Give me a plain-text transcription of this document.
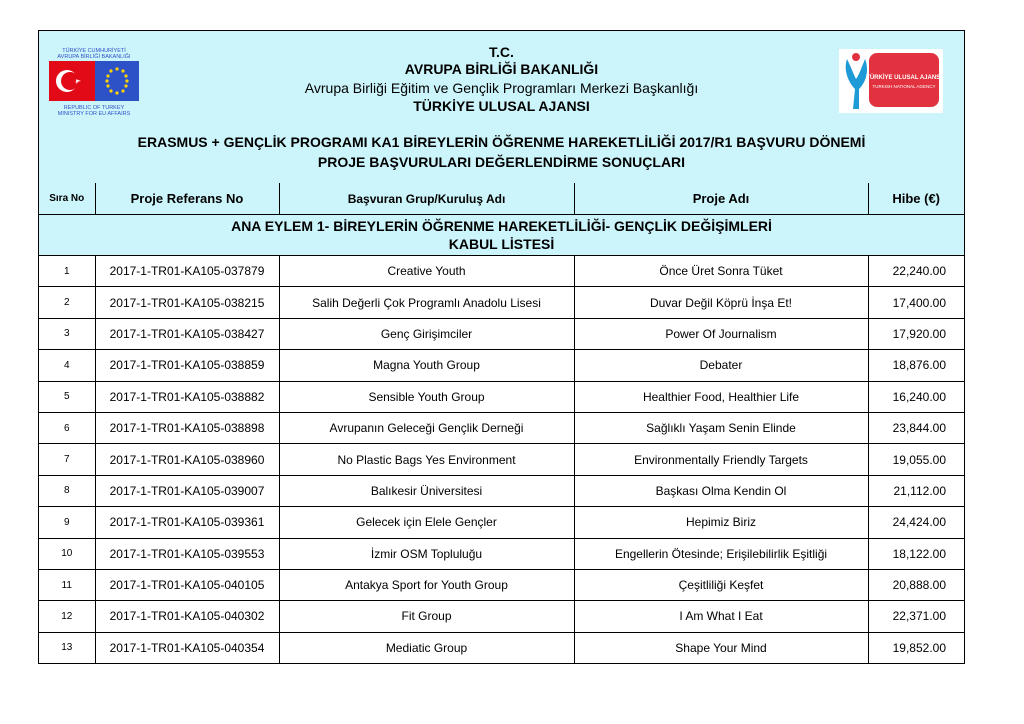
TÜRKİYE CUMHURİYETİ
AVRUPA BİRLİĞİ BAKANLIĞI
REPUBLIC OF TURKEY
MINISTRY FOR EU AFFAIRS
TÜRKİYE ULUSAL AJANSI
TURKISH NATIONAL AGENCY
T.C.
AVRUPA BİRLİĞİ BAKANLIĞI
Avrupa Birliği Eğitim ve Gençlik Programları Merkezi Başkanlığı
TÜRKİYE ULUSAL AJANSI
ERASMUS + GENÇLİK PROGRAMI KA1 BİREYLERİN ÖĞRENME HAREKETLİLİĞİ 2017/R1 BAŞVURU DÖNEMİ
PROJE BAŞVURULARI DEĞERLENDİRME SONUÇLARI
Sıra No	Proje Referans No	Başvuran Grup/Kuruluş Adı	Proje Adı	Hibe (€)

ANA EYLEM 1- BİREYLERİN ÖĞRENME HAREKETLİLİĞİ- GENÇLİK DEĞİŞİMLERİ
KABUL LİSTESİ				

1	2017-1-TR01-KA105-037879	Creative Youth	Önce Üret Sonra Tüket	22,240.00
2	2017-1-TR01-KA105-038215	Salih Değerli Çok Programlı Anadolu Lisesi	Duvar Değil Köprü İnşa Et!	17,400.00
3	2017-1-TR01-KA105-038427	Genç Girişimciler	Power Of Journalism	17,920.00
4	2017-1-TR01-KA105-038859	Magna Youth Group	Debater	18,876.00
5	2017-1-TR01-KA105-038882	Sensible Youth Group	Healthier Food, Healthier Life	16,240.00
6	2017-1-TR01-KA105-038898	Avrupanın Geleceği Gençlik Derneği	Sağlıklı Yaşam Senin Elinde	23,844.00
7	2017-1-TR01-KA105-038960	No Plastic Bags Yes Environment	Environmentally Friendly Targets	19,055.00
8	2017-1-TR01-KA105-039007	Balıkesir Üniversitesi	Başkası Olma Kendin Ol	21,112.00
9	2017-1-TR01-KA105-039361	Gelecek için Elele Gençler	Hepimiz Biriz	24,424.00
10	2017-1-TR01-KA105-039553	İzmir OSM Topluluğu	Engellerin Ötesinde; Erişilebilirlik Eşitliği	18,122.00
11	2017-1-TR01-KA105-040105	Antakya Sport for Youth Group	Çeşitliliği Keşfet	20,888.00
12	2017-1-TR01-KA105-040302	Fit Group	I Am What I Eat	22,371.00
13	2017-1-TR01-KA105-040354	Mediatic Group	Shape Your Mind	19,852.00
